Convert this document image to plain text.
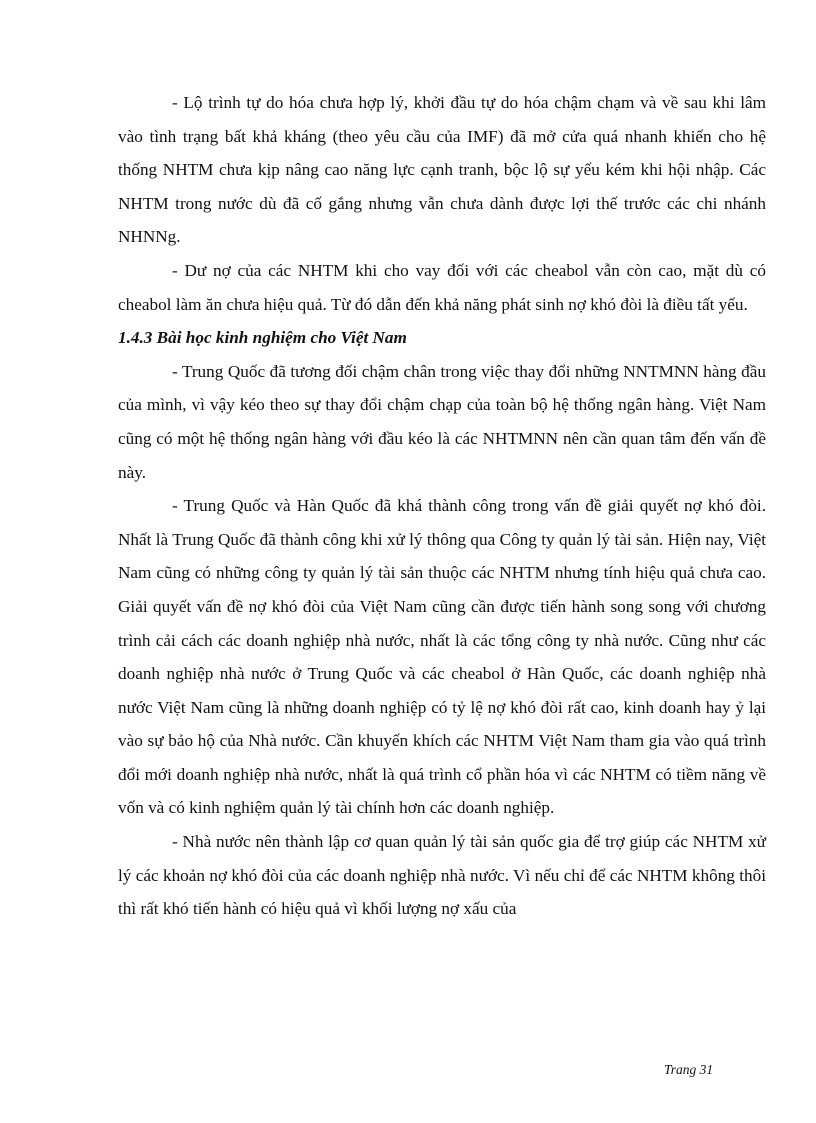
- Lộ trình tự do hóa chưa hợp lý, khởi đầu tự do hóa chậm chạm và về sau khi lâm vào tình trạng bất khả kháng (theo yêu cầu của IMF) đã mở cửa quá nhanh khiến cho hệ thống NHTM chưa kịp nâng cao năng lực cạnh tranh, bộc lộ sự yếu kém khi hội nhập. Các NHTM trong nước dù đã cố gắng nhưng vẫn chưa dành được lợi thế trước các chi nhánh NHNNg.

- Dư nợ của các NHTM khi cho vay đối với các cheabol vẫn còn cao, mặt dù có cheabol làm ăn chưa hiệu quả. Từ đó dẫn đến khả năng phát sinh nợ khó đòi là điều tất yếu.

1.4.3 Bài học kinh nghiệm cho Việt Nam

- Trung Quốc đã tương đối chậm chân trong việc thay đổi những NNTMNN hàng đầu của mình, vì vậy kéo theo sự thay đổi chậm chạp của toàn bộ hệ thống ngân hàng. Việt Nam cũng có một hệ thống ngân hàng với đầu kéo là các NHTMNN nên cần quan tâm đến vấn đề này.

- Trung Quốc và Hàn Quốc đã khá thành công trong vấn đề giải quyết nợ khó đòi. Nhất là Trung Quốc đã thành công khi xử lý thông qua Công ty quản lý tài sản. Hiện nay, Việt Nam cũng có những công ty quản lý tài sản thuộc các NHTM nhưng tính hiệu quả chưa cao. Giải quyết vấn đề nợ khó đòi của Việt Nam cũng cần được tiến hành song song với chương trình cải cách các doanh nghiệp nhà nước, nhất là các tổng công ty nhà nước. Cũng như các doanh nghiệp nhà nước ở Trung Quốc và các cheabol ở Hàn Quốc, các doanh nghiệp nhà nước Việt Nam cũng là những doanh nghiệp có tỷ lệ nợ khó đòi rất cao, kinh doanh hay ỷ lại vào sự bảo hộ của Nhà nước. Cần khuyến khích các NHTM Việt Nam tham gia vào quá trình đổi mới doanh nghiệp nhà nước, nhất là quá trình cổ phần hóa vì các NHTM có tiềm năng về vốn và có kinh nghiệm quản lý tài chính hơn các doanh nghiệp.

- Nhà nước nên thành lập cơ quan quản lý tài sản quốc gia để trợ giúp các NHTM xử lý các khoản nợ khó đòi của các doanh nghiệp nhà nước. Vì nếu chỉ để các NHTM không thôi thì rất khó tiến hành có hiệu quả vì khối lượng nợ xấu của

Trang 31
